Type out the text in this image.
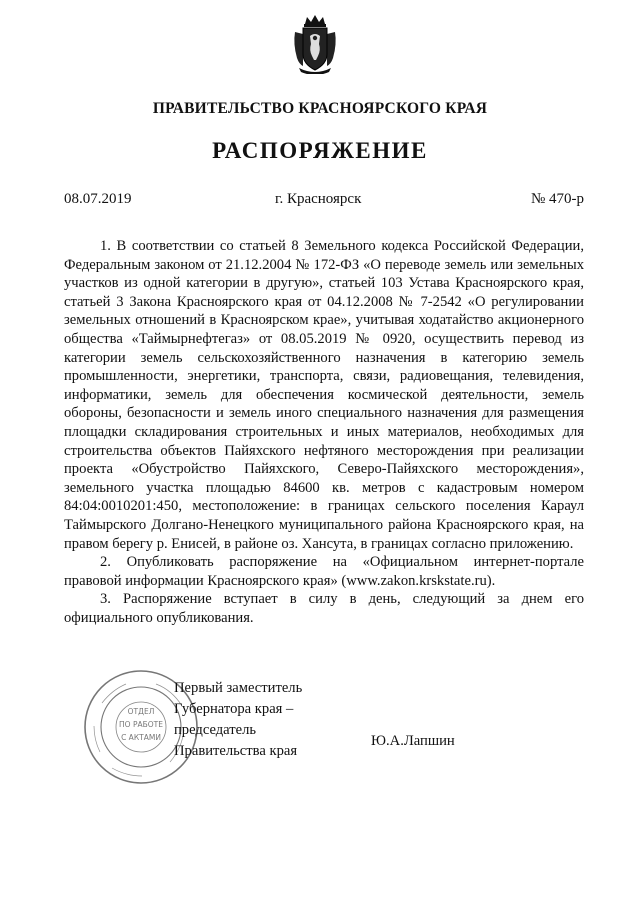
ПРАВИТЕЛЬСТВО КРАСНОЯРСКОГО КРАЯ
РАСПОРЯЖЕНИЕ
08.07.2019	г. Красноярск	№ 470-р

1. В соответствии со статьей 8 Земельного кодекса Российской Федерации, Федеральным законом от 21.12.2004 № 172-ФЗ «О переводе земель или земельных участков из одной категории в другую», статьей 103 Устава Красноярского края, статьей 3 Закона Красноярского края от 04.12.2008 № 7-2542 «О регулировании земельных отношений в Красноярском крае», учитывая ходатайство акционерного общества «Таймырнефтегаз» от 08.05.2019 № 0920, осуществить перевод из категории земель сельскохозяйственного назначения в категорию земель промышленности, энергетики, транспорта, связи, радиовещания, телевидения, информатики, земель для обеспечения космической деятельности, земель обороны, безопасности и земель иного специального назначения для размещения площадки складирования строительных и иных материалов, необходимых для строительства объектов Пайяхского нефтяного месторождения при реализации проекта «Обустройство Пайяхского, Северо-Пайяхского месторождения», земельного участка площадью 84600 кв. метров с кадастровым номером 84:04:0010201:450, местоположение: в границах сельского поселения Караул Таймырского Долгано-Ненецкого муниципального района Красноярского края, на правом берегу р. Енисей, в районе оз. Хансута, в границах согласно приложению.

2. Опубликовать распоряжение на «Официальном интернет-портале правовой информации Красноярского края» (www.zakon.krskstate.ru).

3. Распоряжение вступает в силу в день, следующий за днем его официального опубликования.

ОТДЕЛ
ПО РАБОТЕ
С АКТАМИ
Первый заместитель
Губернатора края –
председатель
Правительства края
Ю.А.Лапшин
